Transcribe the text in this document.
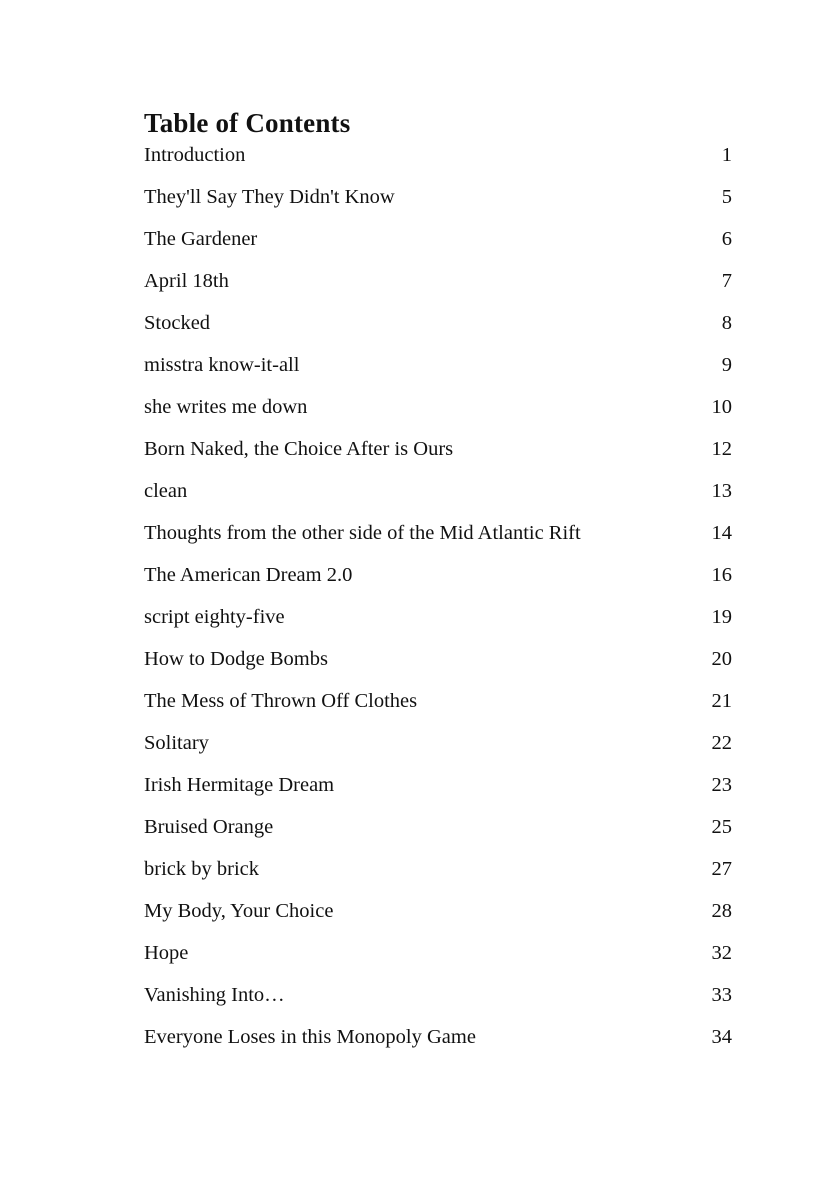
Table of Contents
Introduction	1
They'll Say They Didn't Know	5
The Gardener	6
April 18th	7
Stocked	8
misstra know-it-all	9
she writes me down	10
Born Naked, the Choice After is Ours	12
clean	13
Thoughts from the other side of the Mid Atlantic Rift	14
The American Dream 2.0	16
script eighty-five	19
How to Dodge Bombs	20
The Mess of Thrown Off Clothes	21
Solitary	22
Irish Hermitage Dream	23
Bruised Orange	25
brick by brick	27
My Body, Your Choice	28
Hope	32
Vanishing Into…	33
Everyone Loses in this Monopoly Game	34
